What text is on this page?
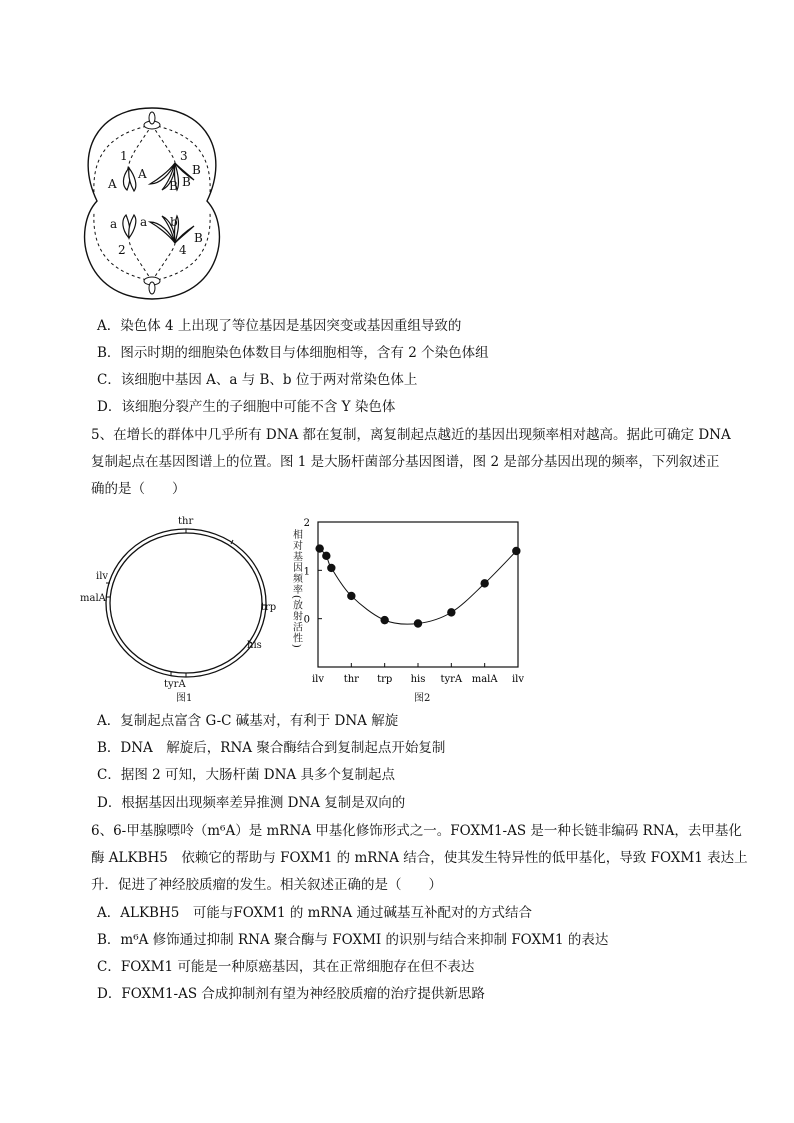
1	3
A
A	B
B
B
a a b
B
2	4
A．染色体 4 上出现了等位基因是基因突变或基因重组导致的
B．图示时期的细胞染色体数目与体细胞相等，含有 2 个染色体组
C．该细胞中基因 A、a 与 B、b 位于两对常染色体上
D．该细胞分裂产生的子细胞中可能不含 Y 染色体
5、在增长的群体中几乎所有 DNA 都在复制，离复制起点越近的基因出现频率相对越高。据此可确定 DNA
复制起点在基因图谱上的位置。图 1 是大肠杆菌部分基因图谱，图 2 是部分基因出现的频率，下列叙述正
确的是（　　）
thr
ilv
malA
trp
his
tyrA
图1
相对基因频率(放射活性)
2
1
0
ilv thr trp his tyrA malA ilv
图2
A．复制起点富含 G-C 碱基对，有利于 DNA 解旋
B．DNA　解旋后，RNA 聚合酶结合到复制起点开始复制
C．据图 2 可知，大肠杆菌 DNA 具多个复制起点
D．根据基因出现频率差异推测 DNA 复制是双向的
6、6-甲基腺嘌呤（m⁶A）是 mRNA 甲基化修饰形式之一。FOXM1-AS 是一种长链非编码 RNA，去甲基化
酶 ALKBH5　依赖它的帮助与 FOXM1 的 mRNA 结合，使其发生特异性的低甲基化，导致 FOXM1 表达上
升．促进了神经胶质瘤的发生。相关叙述正确的是（　　）
A．ALKBH5　可能与FOXM1 的 mRNA 通过碱基互补配对的方式结合
B．m⁶A 修饰通过抑制 RNA 聚合酶与 FOXMI 的识别与结合来抑制 FOXM1 的表达
C．FOXM1 可能是一种原癌基因，其在正常细胞存在但不表达
D．FOXM1-AS 合成抑制剂有望为神经胶质瘤的治疗提供新思路
